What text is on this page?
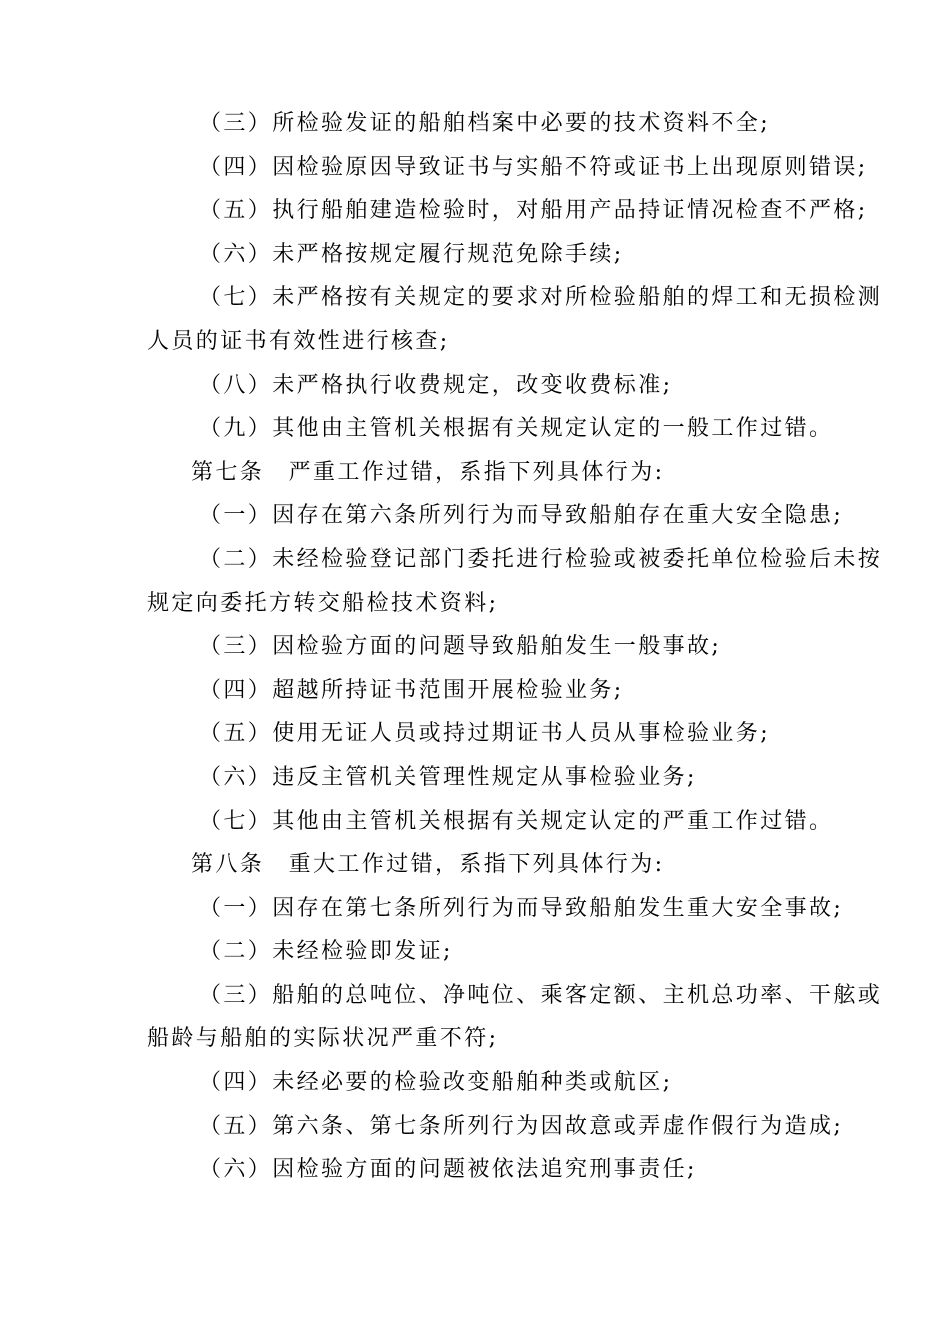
（三）所检验发证的船舶档案中必要的技术资料不全;
（四）因检验原因导致证书与实船不符或证书上出现原则错误;
（五）执行船舶建造检验时，对船用产品持证情况检查不严格;
（六）未严格按规定履行规范免除手续;
（七）未严格按有关规定的要求对所检验船舶的焊工和无损检测
人员的证书有效性进行核查;
（八）未严格执行收费规定，改变收费标准;
（九）其他由主管机关根据有关规定认定的一般工作过错。
第七条　严重工作过错，系指下列具体行为:
（一）因存在第六条所列行为而导致船舶存在重大安全隐患;
（二）未经检验登记部门委托进行检验或被委托单位检验后未按
规定向委托方转交船检技术资料;
（三）因检验方面的问题导致船舶发生一般事故;
（四）超越所持证书范围开展检验业务;
（五）使用无证人员或持过期证书人员从事检验业务;
（六）违反主管机关管理性规定从事检验业务;
（七）其他由主管机关根据有关规定认定的严重工作过错。
第八条　重大工作过错，系指下列具体行为:
（一）因存在第七条所列行为而导致船舶发生重大安全事故;
（二）未经检验即发证;
（三）船舶的总吨位、净吨位、乘客定额、主机总功率、干舷或
船龄与船舶的实际状况严重不符;
（四）未经必要的检验改变船舶种类或航区;
（五）第六条、第七条所列行为因故意或弄虚作假行为造成;
（六）因检验方面的问题被依法追究刑事责任;
